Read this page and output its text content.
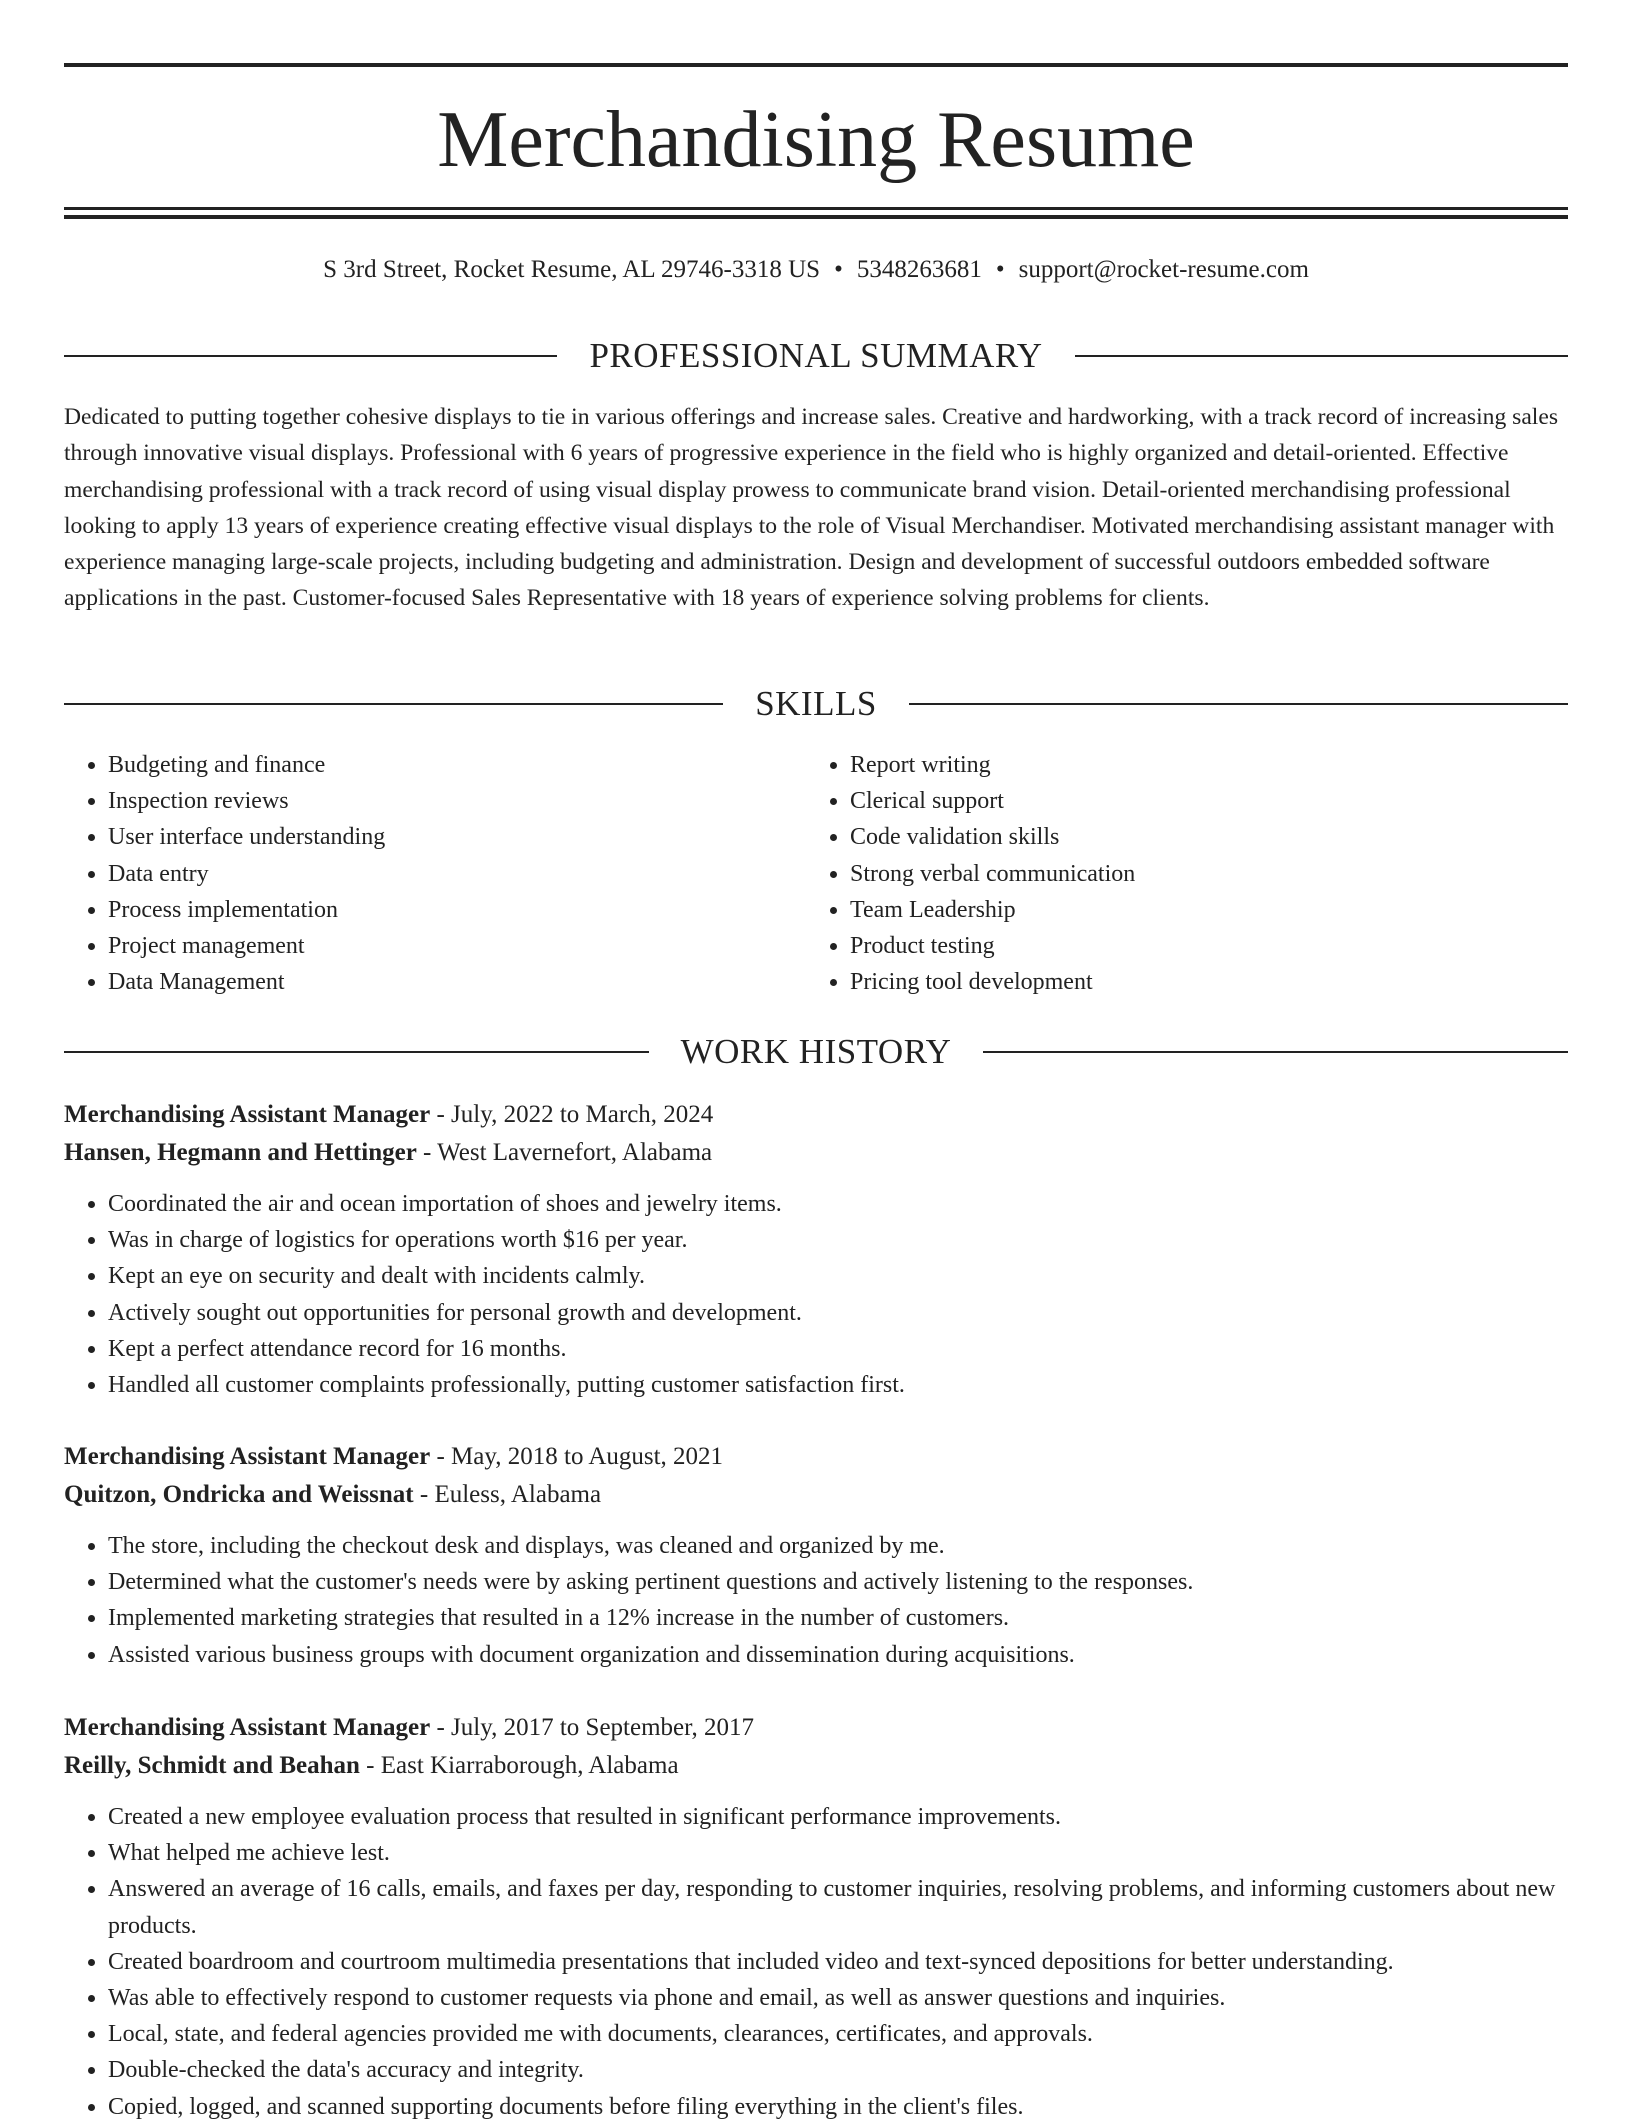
Merchandising Resume
S 3rd Street, Rocket Resume, AL 29746-3318 US • 5348263681 • support@rocket-resume.com
PROFESSIONAL SUMMARY

Dedicated to putting together cohesive displays to tie in various offerings and increase sales. Creative and hardworking, with a track record of increasing sales through innovative visual displays. Professional with 6 years of progressive experience in the field who is highly organized and detail-oriented. Effective merchandising professional with a track record of using visual display prowess to communicate brand vision. Detail-oriented merchandising professional looking to apply 13 years of experience creating effective visual displays to the role of Visual Merchandiser. Motivated merchandising assistant manager with experience managing large-scale projects, including budgeting and administration. Design and development of successful outdoors embedded software applications in the past. Customer-focused Sales Representative with 18 years of experience solving problems for clients.

SKILLS
• Budgeting and finance
• Inspection reviews
• User interface understanding
• Data entry
• Process implementation
• Project management
• Data Management
• Report writing
• Clerical support
• Code validation skills
• Strong verbal communication
• Team Leadership
• Product testing
• Pricing tool development
WORK HISTORY
Merchandising Assistant Manager - July, 2022 to March, 2024
Hansen, Hegmann and Hettinger - West Lavernefort, Alabama
• Coordinated the air and ocean importation of shoes and jewelry items.
• Was in charge of logistics for operations worth $16 per year.
• Kept an eye on security and dealt with incidents calmly.
• Actively sought out opportunities for personal growth and development.
• Kept a perfect attendance record for 16 months.
• Handled all customer complaints professionally, putting customer satisfaction first.
Merchandising Assistant Manager - May, 2018 to August, 2021
Quitzon, Ondricka and Weissnat - Euless, Alabama
• The store, including the checkout desk and displays, was cleaned and organized by me.
• Determined what the customer's needs were by asking pertinent questions and actively listening to the responses.
• Implemented marketing strategies that resulted in a 12% increase in the number of customers.
• Assisted various business groups with document organization and dissemination during acquisitions.
Merchandising Assistant Manager - July, 2017 to September, 2017
Reilly, Schmidt and Beahan - East Kiarraborough, Alabama
• Created a new employee evaluation process that resulted in significant performance improvements.
• What helped me achieve lest.
• Answered an average of 16 calls, emails, and faxes per day, responding to customer inquiries, resolving problems, and informing customers about new products.
• Created boardroom and courtroom multimedia presentations that included video and text-synced depositions for better understanding.
• Was able to effectively respond to customer requests via phone and email, as well as answer questions and inquiries.
• Local, state, and federal agencies provided me with documents, clearances, certificates, and approvals.
• Double-checked the data's accuracy and integrity.
• Copied, logged, and scanned supporting documents before filing everything in the client's files.
